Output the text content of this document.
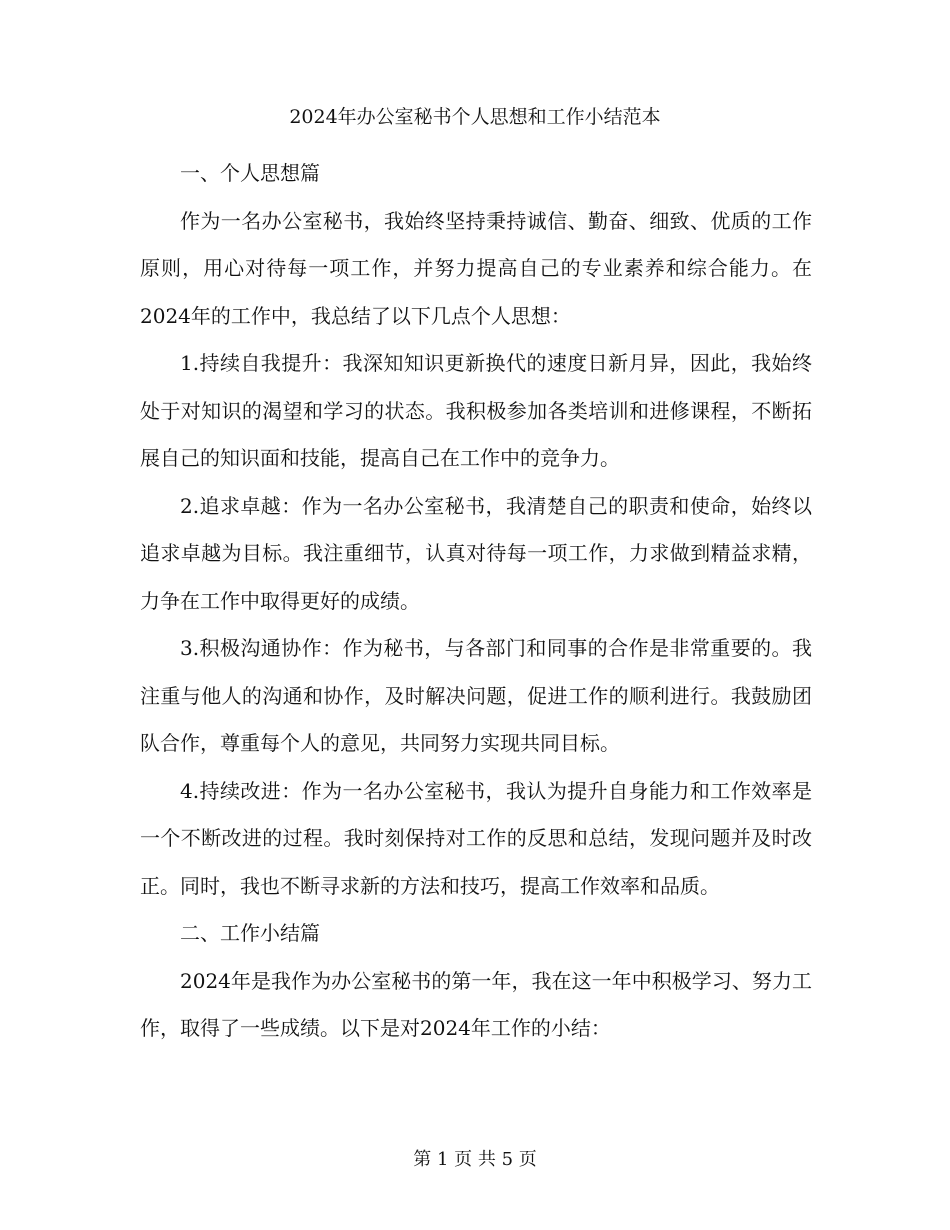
2024年办公室秘书个人思想和工作小结范本

一、个人思想篇

作为一名办公室秘书，我始终坚持秉持诚信、勤奋、细致、优质的工作原则，用心对待每一项工作，并努力提高自己的专业素养和综合能力。在2024年的工作中，我总结了以下几点个人思想：

1.持续自我提升：我深知知识更新换代的速度日新月异，因此，我始终处于对知识的渴望和学习的状态。我积极参加各类培训和进修课程，不断拓展自己的知识面和技能，提高自己在工作中的竞争力。

2.追求卓越：作为一名办公室秘书，我清楚自己的职责和使命，始终以追求卓越为目标。我注重细节，认真对待每一项工作，力求做到精益求精，力争在工作中取得更好的成绩。

3.积极沟通协作：作为秘书，与各部门和同事的合作是非常重要的。我注重与他人的沟通和协作，及时解决问题，促进工作的顺利进行。我鼓励团队合作，尊重每个人的意见，共同努力实现共同目标。

4.持续改进：作为一名办公室秘书，我认为提升自身能力和工作效率是一个不断改进的过程。我时刻保持对工作的反思和总结，发现问题并及时改正。同时，我也不断寻求新的方法和技巧，提高工作效率和品质。

二、工作小结篇

2024年是我作为办公室秘书的第一年，我在这一年中积极学习、努力工作，取得了一些成绩。以下是对2024年工作的小结：

第 1 页 共 5 页
